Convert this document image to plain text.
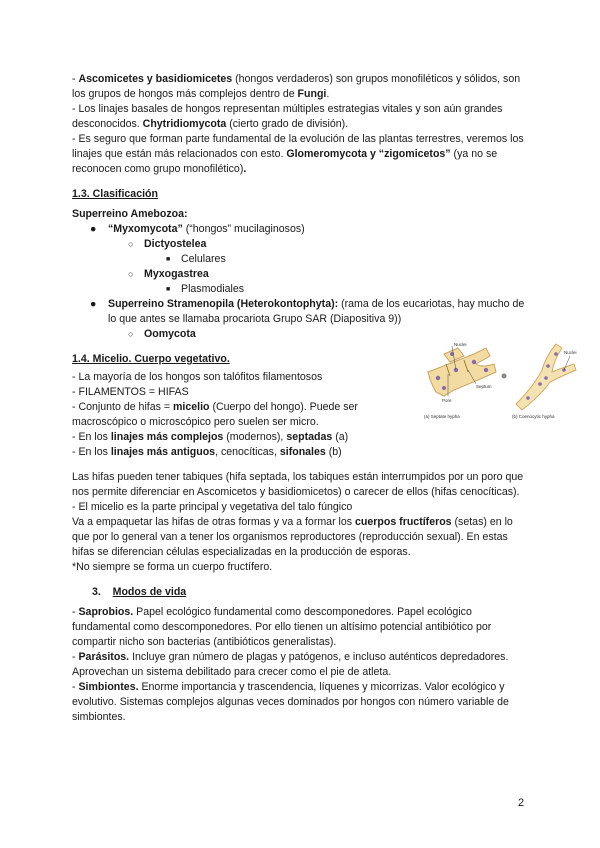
- Ascomicetes y basidiomicetes (hongos verdaderos) son grupos monofiléticos y sólidos, son los grupos de hongos más complejos dentro de Fungi.

- Los linajes basales de hongos representan múltiples estrategias vitales y son aún grandes desconocidos. Chytridiomycota (cierto grado de división).

- Es seguro que forman parte fundamental de la evolución de las plantas terrestres, veremos los linajes que están más relacionados con esto. Glomeromycota y “zigomicetos” (ya no se reconocen como grupo monofilético).

1.3. Clasificación

Superreino Amebozoa:

● “Myxomycota” (“hongos” mucilaginosos)
○ Dictyostelea
■ Celulares
○ Myxogastrea
■ Plasmodiales
● Superreino Stramenopila (Heterokontophyta): (rama de los eucariotas, hay mucho de lo que antes se llamaba procariota Grupo SAR (Diapositiva 9))
○ Oomycota

1.4. Micelio. Cuerpo vegetativo.

- La mayoría de los hongos son talófitos filamentosos

- FILAMENTOS = HIFAS

- Conjunto de hifas = micelio (Cuerpo del hongo). Puede ser macroscópico o microscópico pero suelen ser micro.

- En los linajes más complejos (modernos), septadas (a)

- En los linajes más antiguos, cenocíticas, sifonales (b)

Las hifas pueden tener tabiques (hifa septada, los tabiques están interrumpidos por un poro que nos permite diferenciar en Ascomicetos y basidiomicetos) o carecer de ellos (hifas cenocíticas).

- El micelio es la parte principal y vegetativa del talo fúngico

Va a empaquetar las hifas de otras formas y va a formar los cuerpos fructíferos (setas) en lo que por lo general van a tener los organismos reproductores (reproducción sexual). En estas hifas se diferencian células especializadas en la producción de esporas.

*No siempre se forma un cuerpo fructífero.

3. Modos de vida

- Saprobios. Papel ecológico fundamental como descomponedores. Papel ecológico fundamental como descomponedores. Por ello tienen un altísimo potencial antibiótico por compartir nicho son bacterias (antibióticos generalistas).

- Parásitos. Incluye gran número de plagas y patógenos, e incluso auténticos depredadores. Aprovechan un sistema debilitado para crecer como el pie de atleta.

- Simbiontes. Enorme importancia y trascendencia, líquenes y micorrizas. Valor ecológico y evolutivo. Sistemas complejos algunas veces dominados por hongos con número variable de simbiontes.

Nuclei
Septum
Pore
(a) Septate hypha
Nuclei
(b) Coenocytic hypha
2
